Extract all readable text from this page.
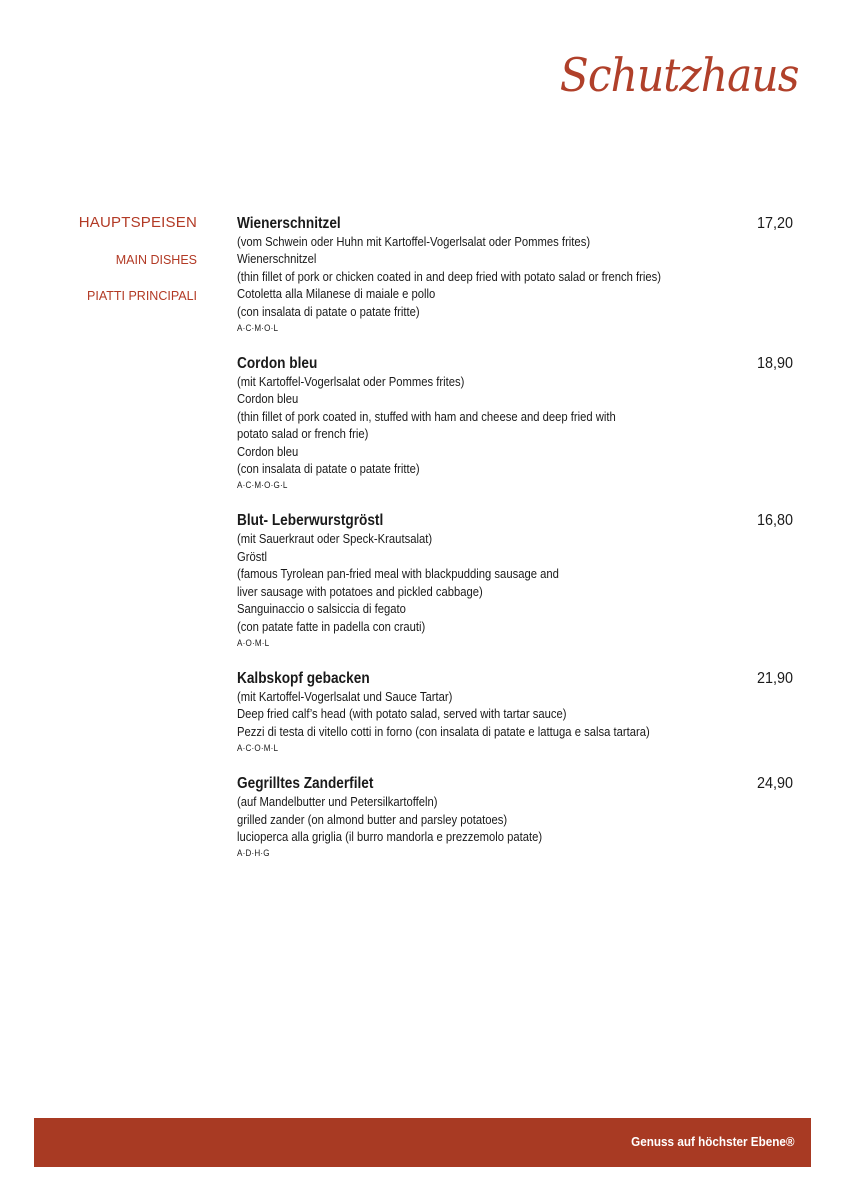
Schutzhaus
HAUPTSPEISEN
MAIN DISHES
PIATTI PRINCIPALI
Wienerschnitzel	17,20
(vom Schwein oder Huhn mit Kartoffel-Vogerlsalat oder Pommes frites)
Wienerschnitzel
(thin fillet of pork or chicken coated in and deep fried with potato salad or french fries)
Cotoletta alla Milanese di maiale e pollo
(con insalata di patate o patate fritte)
A·C·M·O·L
Cordon bleu	18,90
(mit Kartoffel-Vogerlsalat oder Pommes frites)
Cordon bleu
(thin fillet of pork coated in, stuffed with ham and cheese and deep fried with
potato salad or french frie)
Cordon bleu
(con insalata di patate o patate fritte)
A·C·M·O·G·L
Blut- Leberwurstgröstl	16,80
(mit Sauerkraut oder Speck-Krautsalat)
Gröstl
(famous Tyrolean pan-fried meal with blackpudding sausage and
liver sausage with potatoes and pickled cabbage)
Sanguinaccio o salsiccia di fegato
(con patate fatte in padella con crauti)
A·O·M·L
Kalbskopf gebacken	21,90
(mit Kartoffel-Vogerlsalat und Sauce Tartar)
Deep fried calf’s head (with potato salad, served with tartar sauce)
Pezzi di testa di vitello cotti in forno (con insalata di patate e lattuga e salsa tartara)
A·C·O·M·L
Gegrilltes Zanderfilet	24,90
(auf Mandelbutter und Petersilkartoffeln)
grilled zander (on almond butter and parsley potatoes)
lucioperca alla griglia (il burro mandorla e prezzemolo patate)
A·D·H·G
Genuss auf höchster Ebene®
